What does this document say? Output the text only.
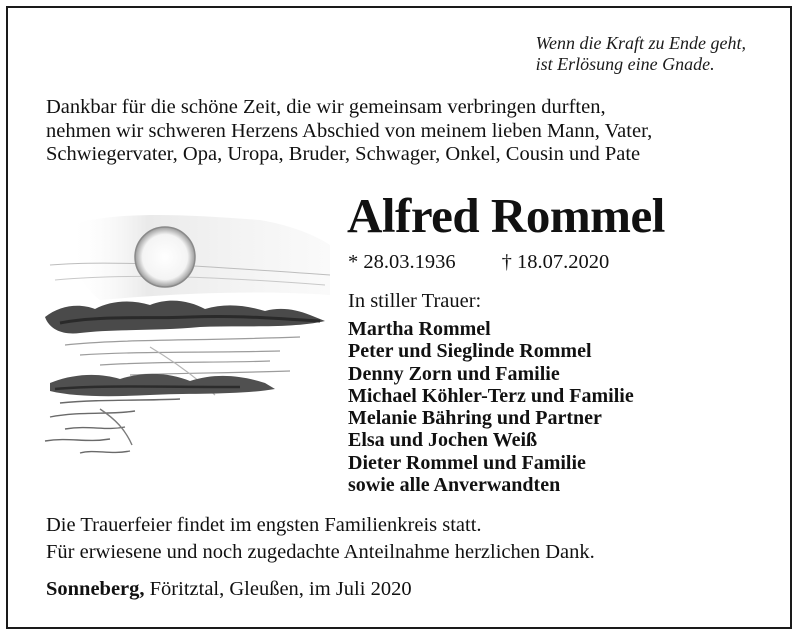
Wenn die Kraft zu Ende geht,
ist Erlösung eine Gnade.
Dankbar für die schöne Zeit, die wir gemeinsam verbringen durften,
nehmen wir schweren Herzens Abschied von meinem lieben Mann, Vater,
Schwiegervater, Opa, Uropa, Bruder, Schwager, Onkel, Cousin und Pate
Alfred Rommel
* 28.03.1936 † 18.07.2020
In stiller Trauer:
Martha Rommel
Peter und Sieglinde Rommel
Denny Zorn und Familie
Michael Köhler-Terz und Familie
Melanie Bähring und Partner
Elsa und Jochen Weiß
Dieter Rommel und Familie
sowie alle Anverwandten
Die Trauerfeier findet im engsten Familienkreis statt.
Für erwiesene und noch zugedachte Anteilnahme herzlichen Dank.
Sonneberg, Föritztal, Gleußen, im Juli 2020
